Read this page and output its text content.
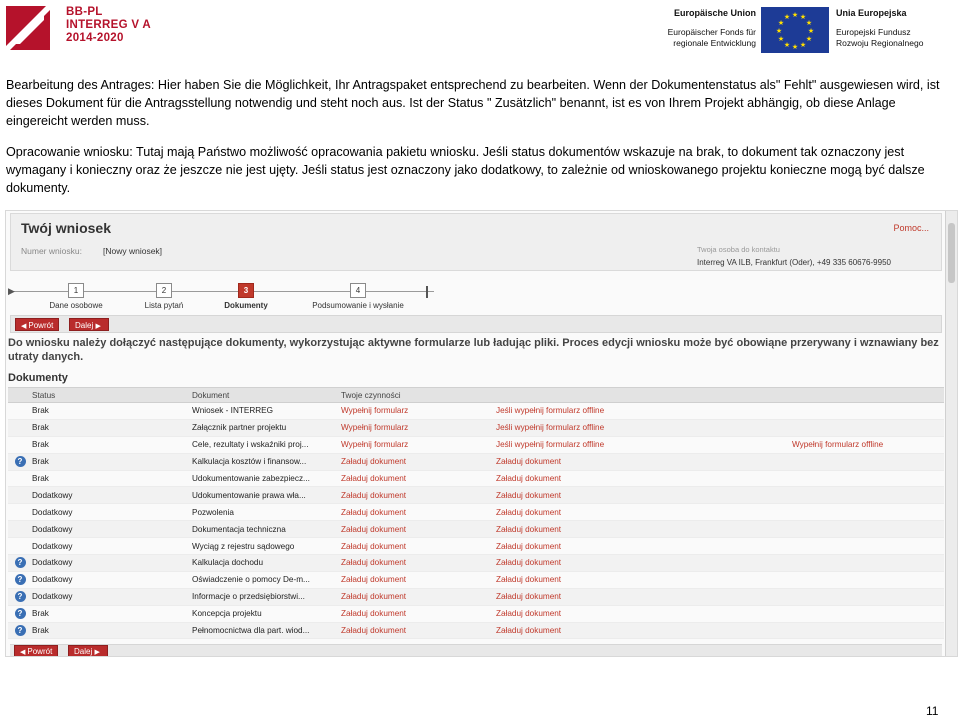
BB-PL
INTERREG V A
2014-2020
Europäische Union
Europäischer Fonds für
regionale Entwicklung
★ ★
★
★
★
★
★
★
★
★
★
★	Unia Europejska
Europejski Fundusz
Rozwoju Regionalnego

Bearbeitung des Antrages: Hier haben Sie die Möglichkeit, Ihr Antragspaket entsprechend zu bearbeiten. Wenn der Dokumentenstatus als" Fehlt" ausgewiesen wird, ist dieses Dokument für die Antragsstellung notwendig und steht noch aus. Ist der Status " Zusätzlich" benannt, ist es von Ihrem Projekt abhängig, ob diese Anlage eingereicht werden muss.

Opracowanie wniosku: Tutaj mają Państwo możliwość opracowania pakietu wniosku. Jeśli status dokumentów wskazuje na brak, to dokument tak oznaczony jest wymagany i konieczny oraz że jeszcze nie jest ujęty. Jeśli status jest oznaczony jako dodatkowy, to zależnie od wnioskowanego projektu konieczne mogą być dalsze dokumenty.

Twój wniosek	Pomoc...
Numer wniosku: [Nowy wniosek]	Twoja osoba do kontaktu
Interreg VA ILB, Frankfurt (Oder), +49 335 60676-9950
▶	1
Dane osobowe
2
Lista pytań
3
Dokumenty
4
Podsumowanie i wysłanie
◀ Powrót	Dalej ▶
Do wniosku należy dołączyć następujące dokumenty, wykorzystując aktywne formularze lub ładując pliki. Proces edycji wniosku może być obowiąne przerywany i wznawiany bez utraty danych.
Dokumenty
	Status	Dokument	Twoje czynności		
	Brak	Wniosek - INTERREG	Wypełnij formularz	Jeśli wypełnij formularz offline	
	Brak	Załącznik partner projektu	Wypełnij formularz	Jeśli wypełnij formularz offline	
	Brak	Cele, rezultaty i wskaźniki proj...	Wypełnij formularz	Jeśli wypełnij formularz offline	Wypełnij formularz offline
?	Brak	Kalkulacja kosztów i finansow...	Załaduj dokument	Załaduj dokument	
	Brak	Udokumentowanie zabezpiecz...	Załaduj dokument	Załaduj dokument	
	Dodatkowy	Udokumentowanie prawa wła...	Załaduj dokument	Załaduj dokument	
	Dodatkowy	Pozwolenia	Załaduj dokument	Załaduj dokument	
	Dodatkowy	Dokumentacja techniczna	Załaduj dokument	Załaduj dokument	
	Dodatkowy	Wyciąg z rejestru sądowego	Załaduj dokument	Załaduj dokument	
?	Dodatkowy	Kalkulacja dochodu	Załaduj dokument	Załaduj dokument	
?	Dodatkowy	Oświadczenie o pomocy De-m...	Załaduj dokument	Załaduj dokument	
?	Dodatkowy	Informacje o przedsiębiorstwi...	Załaduj dokument	Załaduj dokument	
?	Brak	Koncepcja projektu	Załaduj dokument	Załaduj dokument	
?	Brak	Pełnomocnictwa dla part. wiod...	Załaduj dokument	Załaduj dokument	
◀ Powrót	Dalej ▶
11
